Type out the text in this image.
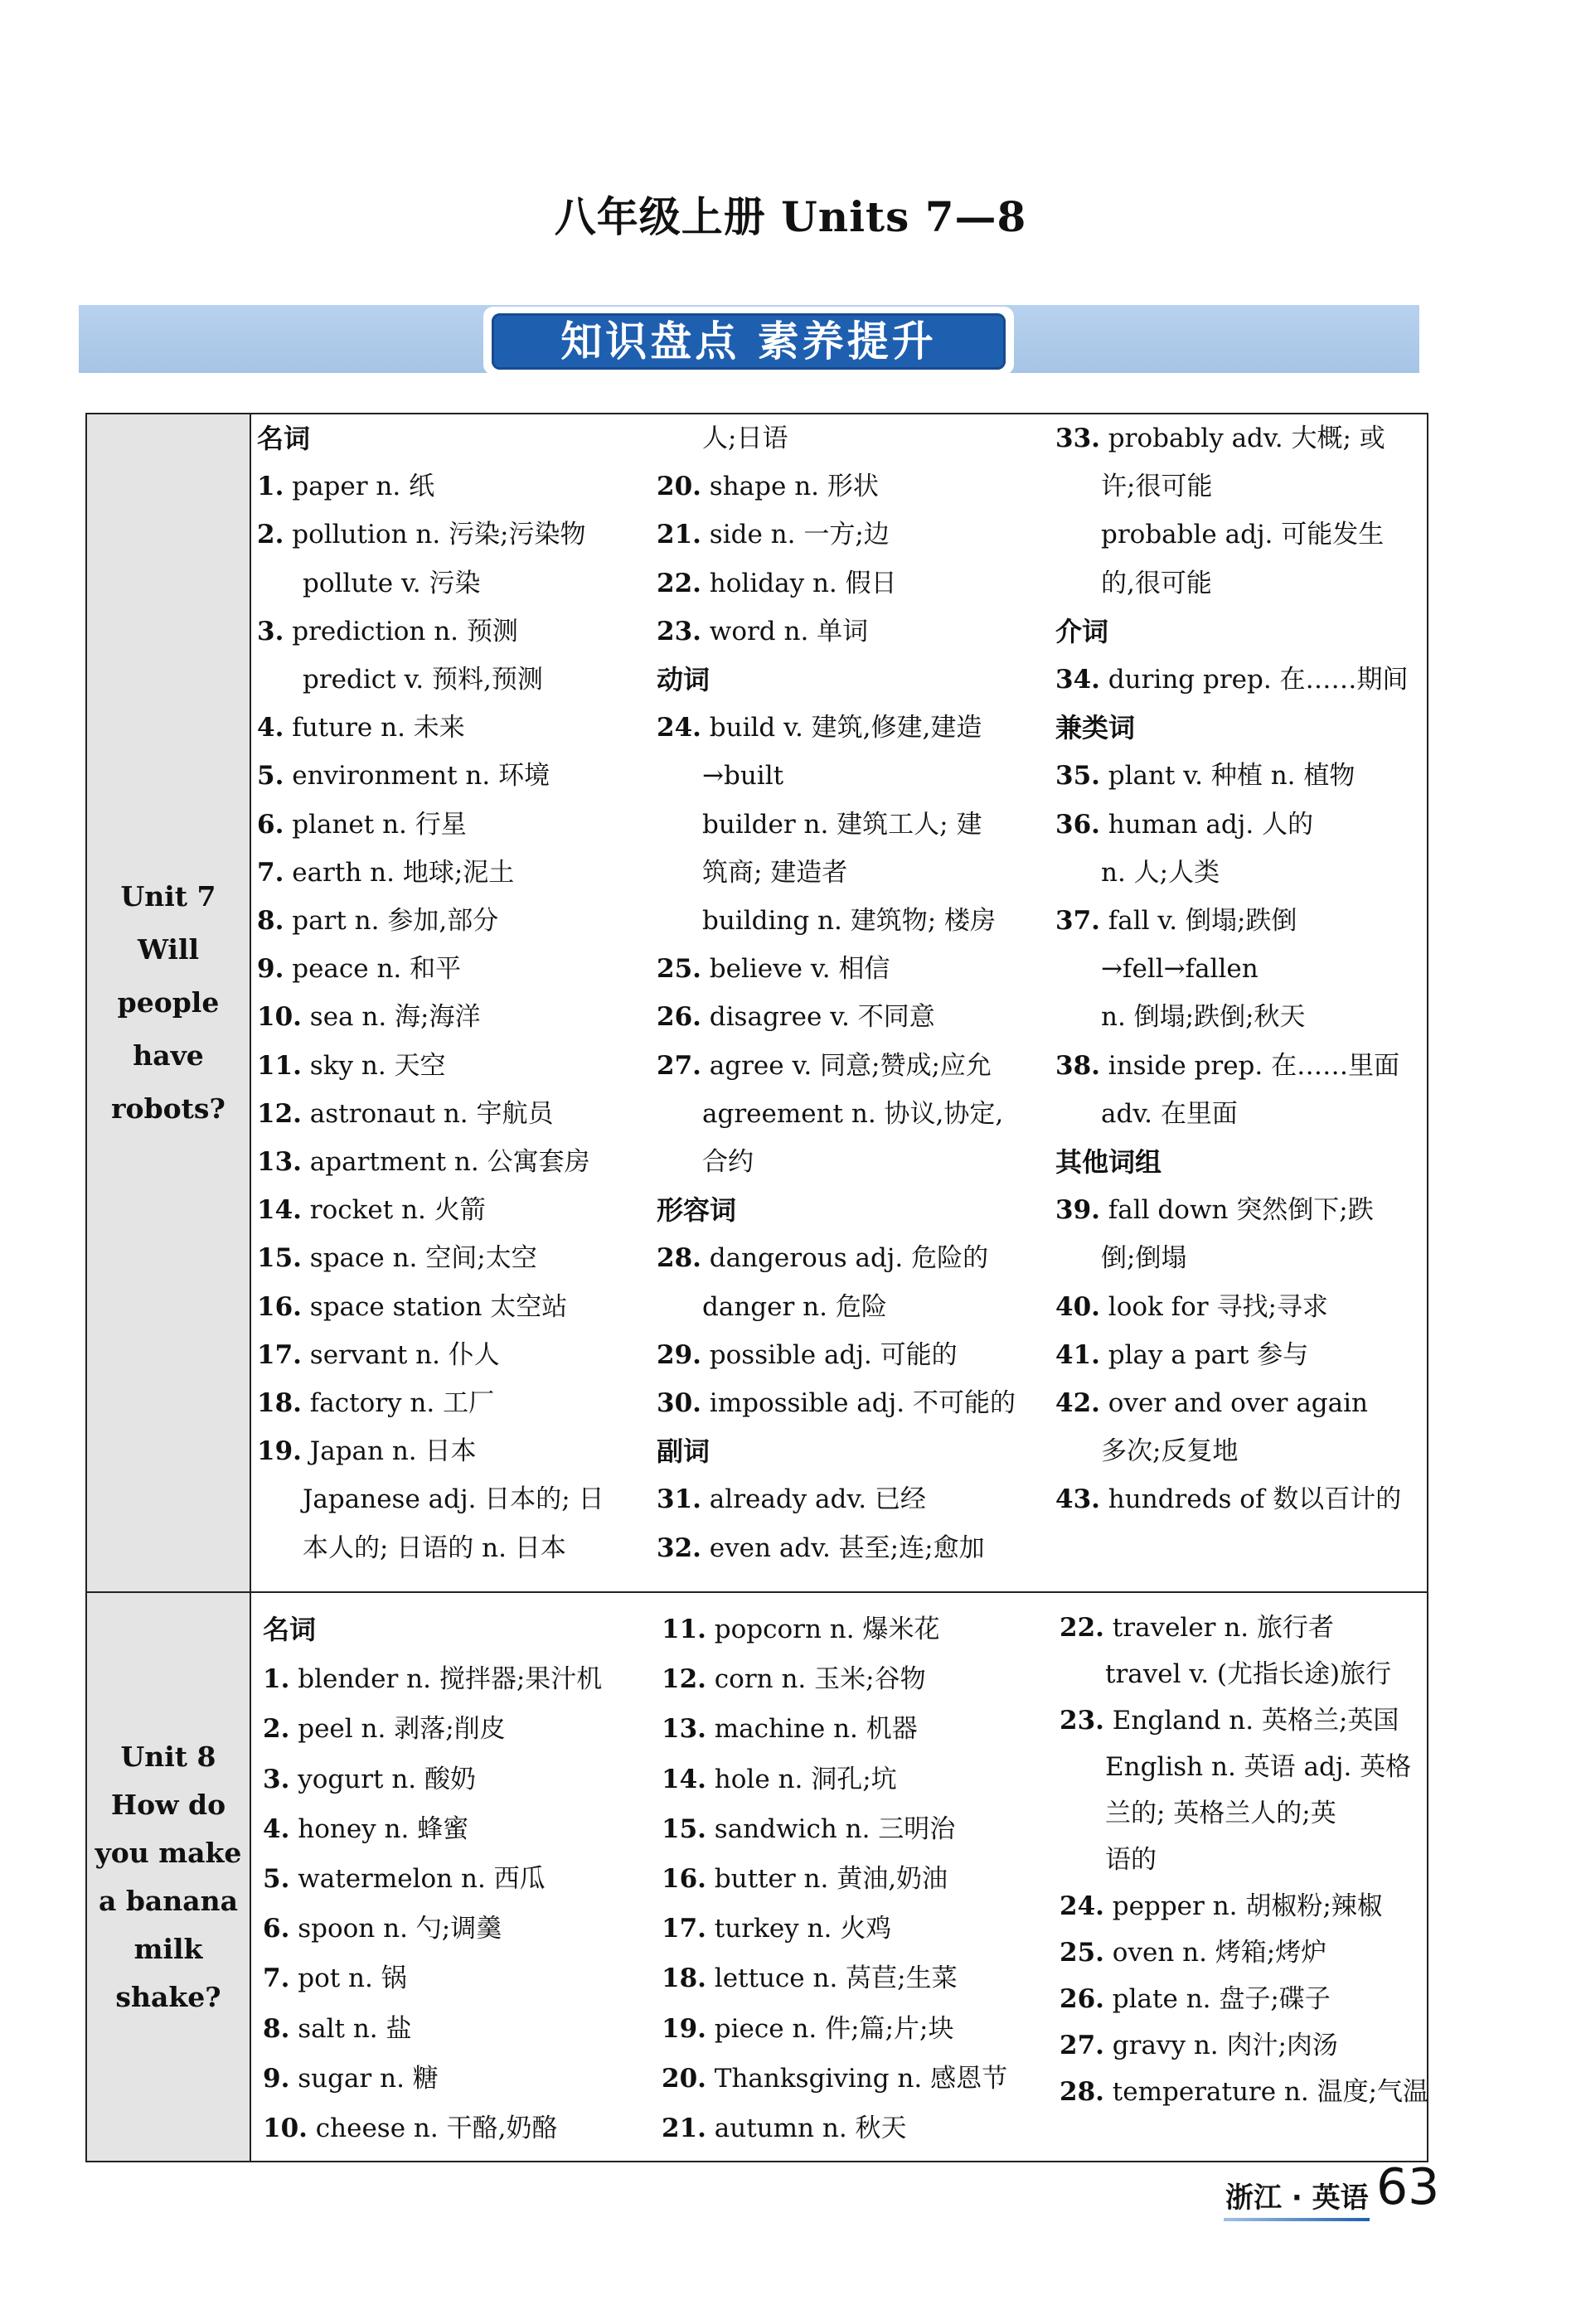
八年级上册 Units 7—8
知识盘点 素养提升
Unit 7
Will
people
have
robots?
名词
1. paper n. 纸
2. pollution n. 污染;污染物
pollute v. 污染
3. prediction n. 预测
predict v. 预料,预测
4. future n. 未来
5. environment n. 环境
6. planet n. 行星
7. earth n. 地球;泥土
8. part n. 参加,部分
9. peace n. 和平
10. sea n. 海;海洋
11. sky n. 天空
12. astronaut n. 宇航员
13. apartment n. 公寓套房
14. rocket n. 火箭
15. space n. 空间;太空
16. space station 太空站
17. servant n. 仆人
18. factory n. 工厂
19. Japan n. 日本
Japanese adj. 日本的; 日
本人的; 日语的 n. 日本
人;日语
20. shape n. 形状
21. side n. 一方;边
22. holiday n. 假日
23. word n. 单词
动词
24. build v. 建筑,修建,建造
→built
builder n. 建筑工人; 建
筑商; 建造者
building n. 建筑物; 楼房
25. believe v. 相信
26. disagree v. 不同意
27. agree v. 同意;赞成;应允
agreement n. 协议,协定,
合约
形容词
28. dangerous adj. 危险的
danger n. 危险
29. possible adj. 可能的
30. impossible adj. 不可能的
副词
31. already adv. 已经
32. even adv. 甚至;连;愈加
33. probably adv. 大概; 或
许;很可能
probable adj. 可能发生
的,很可能
介词
34. during prep. 在……期间
兼类词
35. plant v. 种植 n. 植物
36. human adj. 人的
n. 人;人类
37. fall v. 倒塌;跌倒
→fell→fallen
n. 倒塌;跌倒;秋天
38. inside prep. 在……里面
adv. 在里面
其他词组
39. fall down 突然倒下;跌
倒;倒塌
40. look for 寻找;寻求
41. play a part 参与
42. over and over again
多次;反复地
43. hundreds of 数以百计的
Unit 8
How do
you make
a banana
milk shake?
名词
1. blender n. 搅拌器;果汁机
2. peel n. 剥落;削皮
3. yogurt n. 酸奶
4. honey n. 蜂蜜
5. watermelon n. 西瓜
6. spoon n. 勺;调羹
7. pot n. 锅
8. salt n. 盐
9. sugar n. 糖
10. cheese n. 干酪,奶酪
11. popcorn n. 爆米花
12. corn n. 玉米;谷物
13. machine n. 机器
14. hole n. 洞孔;坑
15. sandwich n. 三明治
16. butter n. 黄油,奶油
17. turkey n. 火鸡
18. lettuce n. 莴苣;生菜
19. piece n. 件;篇;片;块
20. Thanksgiving n. 感恩节
21. autumn n. 秋天
22. traveler n. 旅行者
travel v. (尤指长途)旅行
23. England n. 英格兰;英国
English n. 英语 adj. 英格
兰的; 英格兰人的;英
语的
24. pepper n. 胡椒粉;辣椒
25. oven n. 烤箱;烤炉
26. plate n. 盘子;碟子
27. gravy n. 肉汁;肉汤
28. temperature n. 温度;气温
浙江 · 英语 63
